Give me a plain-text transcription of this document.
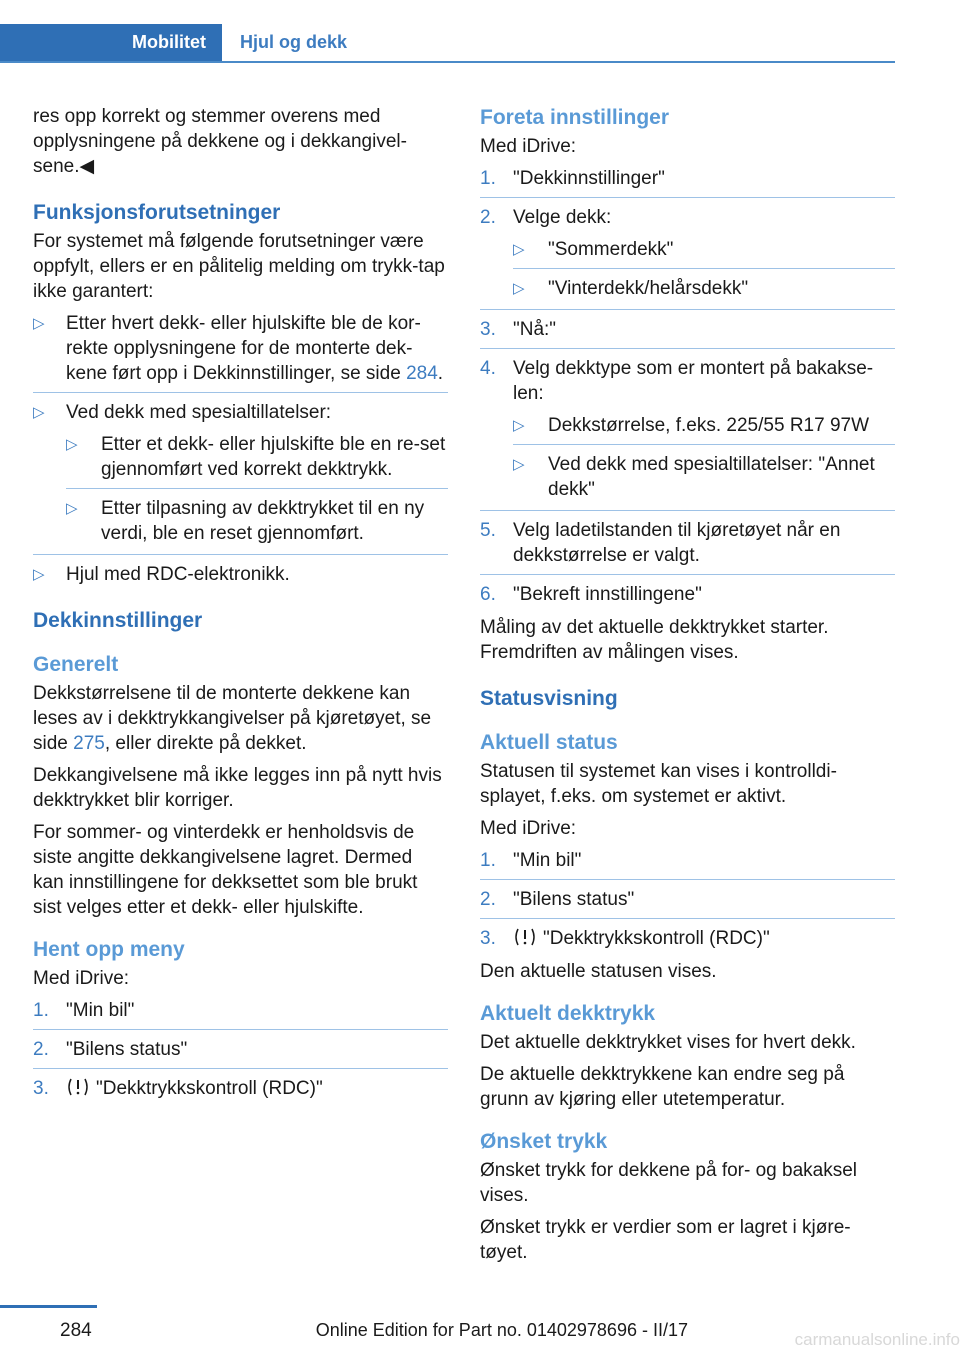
Mobilitet	Hjul og dekk

res opp korrekt og stemmer overens med opplysningene på dekkene og i dekkangivel-sene.◀

Funksjonsforutsetninger

For systemet må følgende forutsetninger være oppfylt, ellers er en pålitelig melding om trykk-tap ikke garantert:

▷ Etter hvert dekk- eller hjulskifte ble de kor-rekte opplysningene for de monterte dek-kene ført opp i Dekkinnstillinger, se side 284.
▷ Ved dekk med spesialtillatelser:
▷ Etter et dekk- eller hjulskifte ble en re-set gjennomført ved korrekt dekktrykk.
▷ Etter tilpasning av dekktrykket til en ny verdi, ble en reset gjennomført.
▷ Hjul med RDC-elektronikk.
Dekkinnstillinger
Generelt

Dekkstørrelsene til de monterte dekkene kan leses av i dekktrykkangivelser på kjøretøyet, se side 275, eller direkte på dekket.

Dekkangivelsene må ikke legges inn på nytt hvis dekktrykket blir korriger.

For sommer- og vinterdekk er henholdsvis de siste angitte dekkangivelsene lagret. Dermed kan innstillingene for dekksettet som ble brukt sist velges etter et dekk- eller hjulskifte.

Hent opp meny

Med iDrive:

1. "Min bil"
2. "Bilens status"
3. "Dekktrykkskontroll (RDC)"
Foreta innstillinger

Med iDrive:

1. "Dekkinnstillinger"
2. Velge dekk:
▷ "Sommerdekk"
▷ "Vinterdekk/helårsdekk"
3. "Nå:"
4. Velg dekktype som er montert på bakakse-len:
▷ Dekkstørrelse, f.eks. 225/55 R17 97W
▷ Ved dekk med spesialtillatelser: "Annet dekk"
5. Velg ladetilstanden til kjøretøyet når en dekkstørrelse er valgt.
6. "Bekreft innstillingene"

Måling av det aktuelle dekktrykket starter. Fremdriften av målingen vises.

Statusvisning
Aktuell status

Statusen til systemet kan vises i kontrolldi-splayet, f.eks. om systemet er aktivt.

Med iDrive:

1. "Min bil"
2. "Bilens status"
3. "Dekktrykkskontroll (RDC)"

Den aktuelle statusen vises.

Aktuelt dekktrykk

Det aktuelle dekktrykket vises for hvert dekk.

De aktuelle dekktrykkene kan endre seg på grunn av kjøring eller utetemperatur.

Ønsket trykk

Ønsket trykk for dekkene på for- og bakaksel vises.

Ønsket trykk er verdier som er lagret i kjøre-tøyet.

284	Online Edition for Part no. 01402978696 - II/17	carmanualsonline.info
